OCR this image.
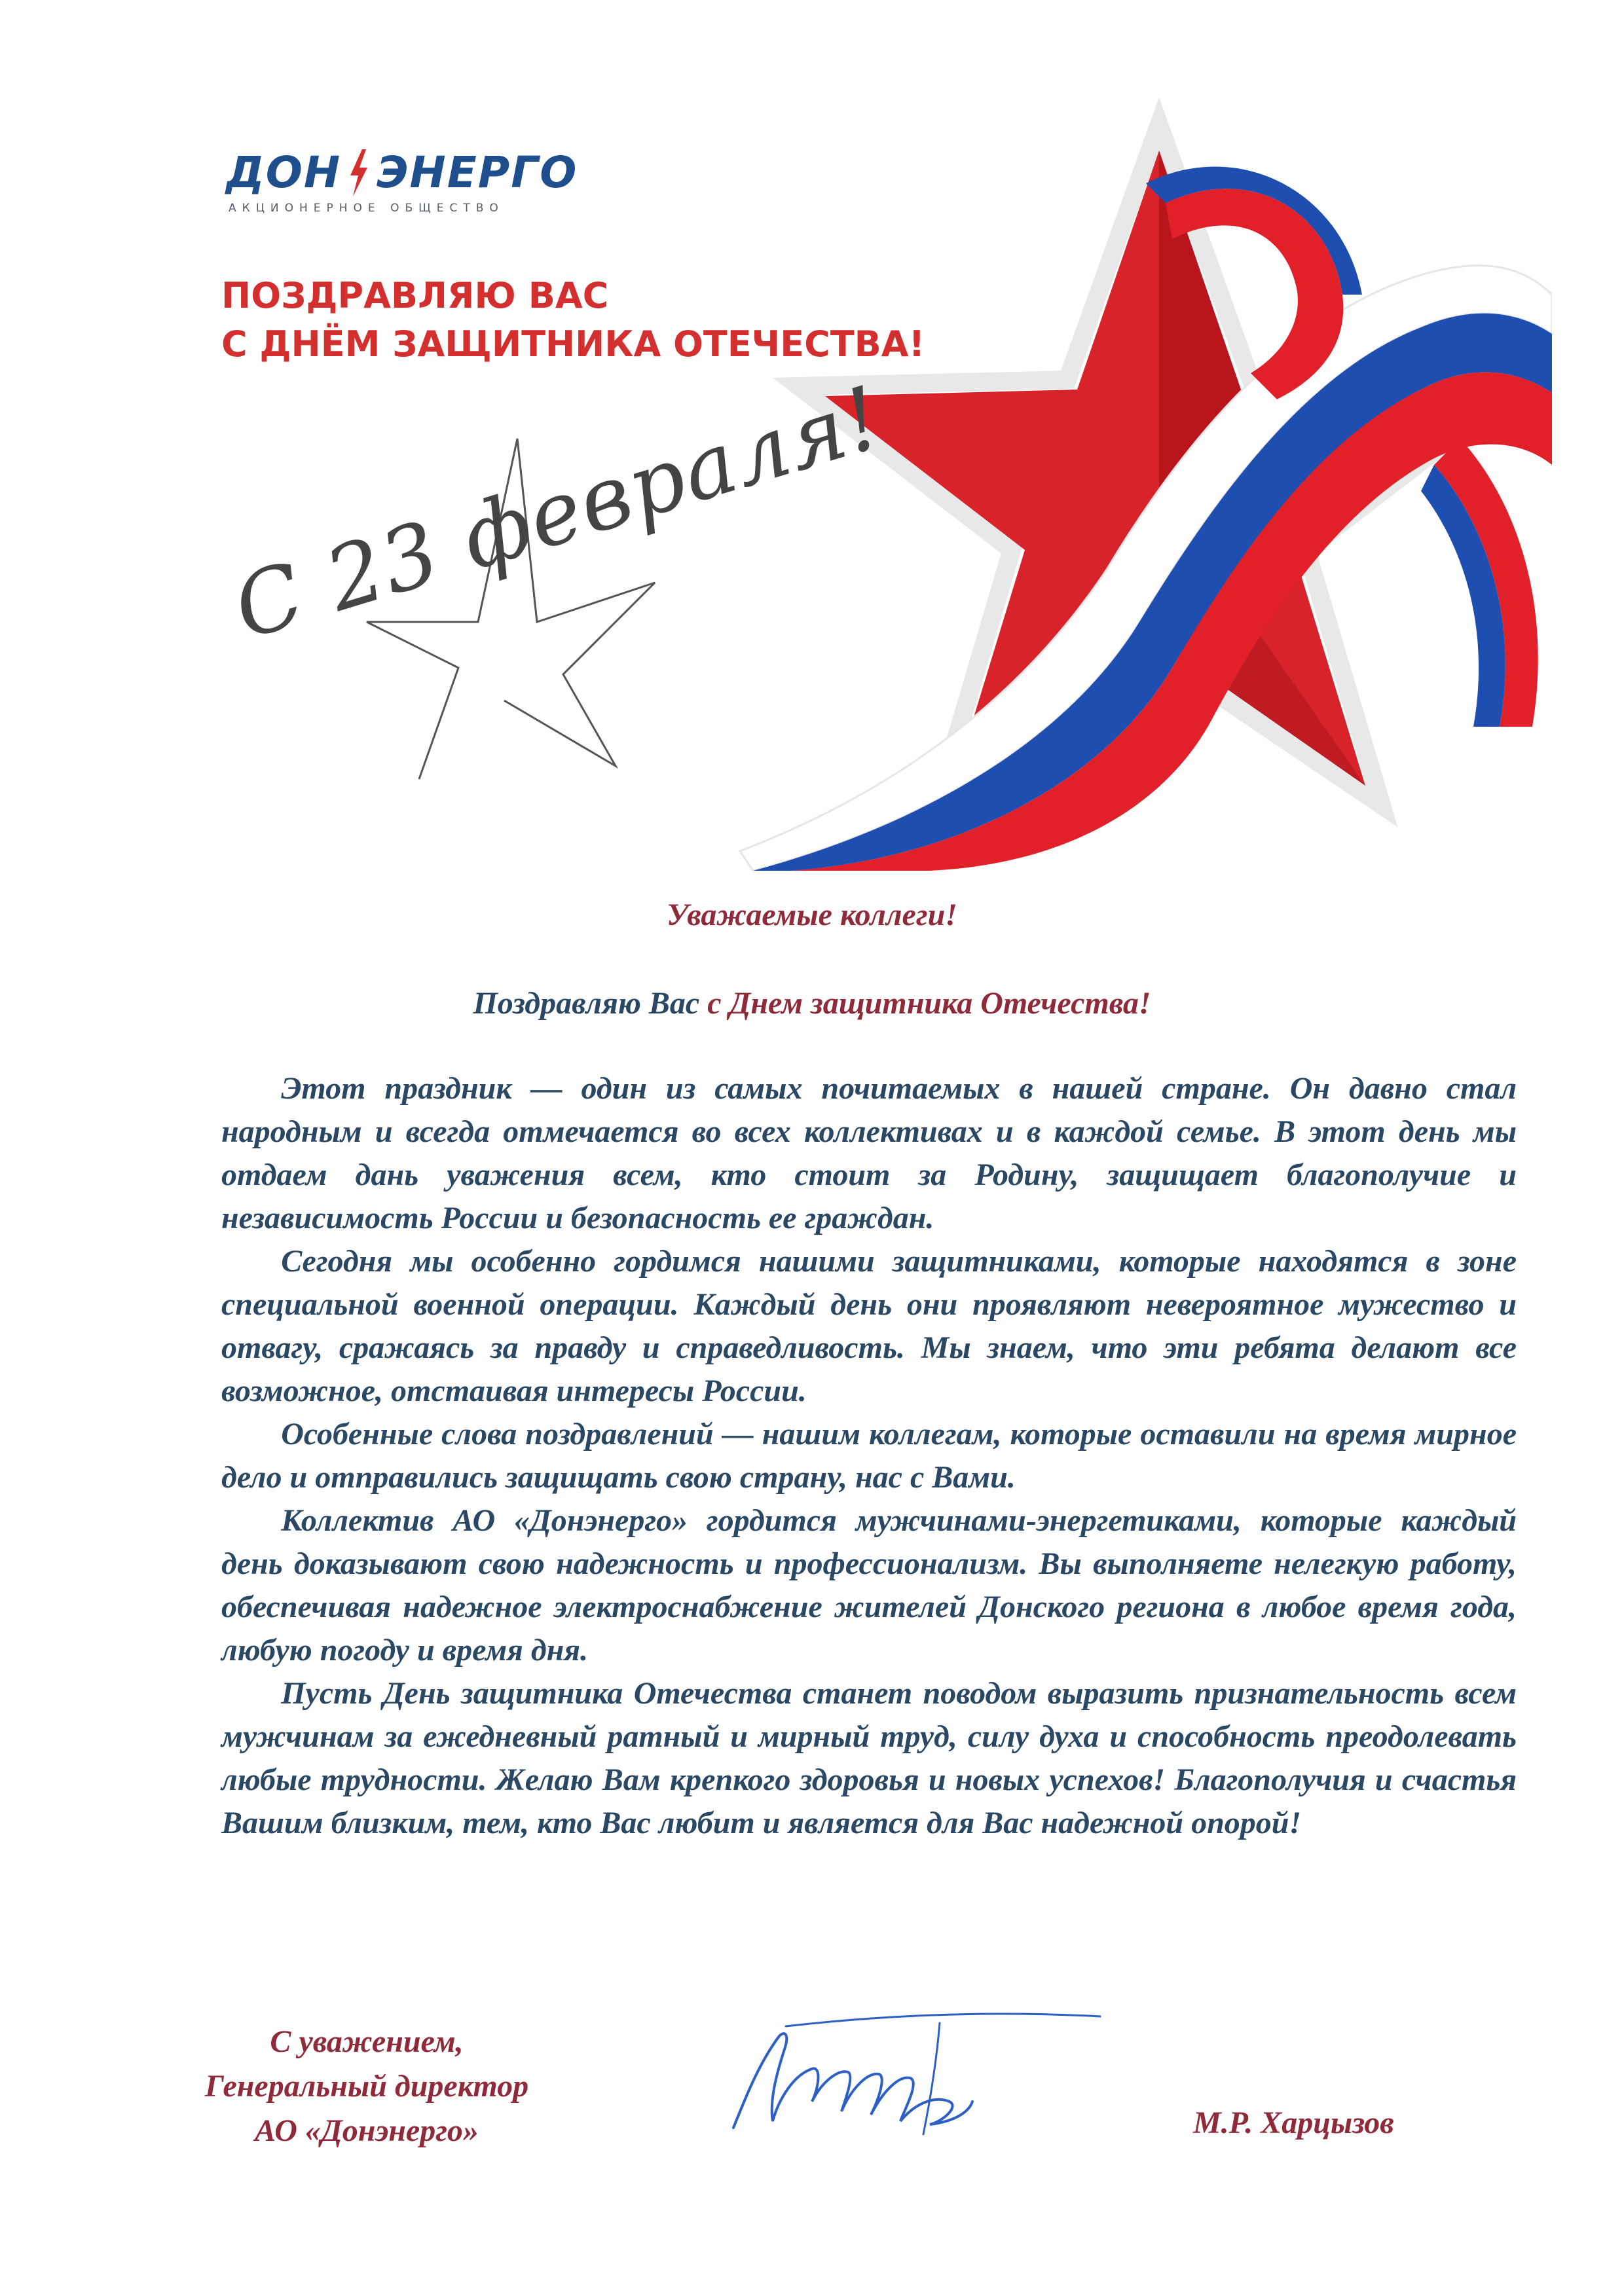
ДОН ЭНЕРГО
АКЦИОНЕРНОЕ ОБЩЕСТВО
ПОЗДРАВЛЯЮ ВАС
С ДНЁМ ЗАЩИТНИКА ОТЕЧЕСТВА!
С 23 февраля!
Уважаемые коллеги!
Поздравляю Вас с Днем защитника Отечества!

Этот праздник — один из самых почитаемых в нашей стране. Он давно стал народным и всегда отмечается во всех коллективах и в каждой семье. В этот день мы отдаем дань уважения всем, кто стоит за Родину, защищает благополучие и независимость России и безопасность ее граждан.

Сегодня мы особенно гордимся нашими защитниками, которые находятся в зоне специальной военной операции. Каждый день они проявляют невероятное мужество и отвагу, сражаясь за правду и справедливость. Мы знаем, что эти ребята делают все возможное, отстаивая интересы России.

Особенные слова поздравлений — нашим коллегам, которые оставили на время мирное дело и отправились защищать свою страну, нас с Вами.

Коллектив АО «Донэнерго» гордится мужчинами-энергетиками, которые каждый день доказывают свою надежность и профессионализм. Вы выполняете нелегкую работу, обеспечивая надежное электроснабжение жителей Донского региона в любое время года, любую погоду и время дня.

Пусть День защитника Отечества станет поводом выразить признательность всем мужчинам за ежедневный ратный и мирный труд, силу духа и способность преодолевать любые трудности. Желаю Вам крепкого здоровья и новых успехов! Благополучия и счастья Вашим близким, тем, кто Вас любит и является для Вас надежной опорой!

С уважением,
Генеральный директор
АО «Донэнерго»	М.Р. Харцызов
